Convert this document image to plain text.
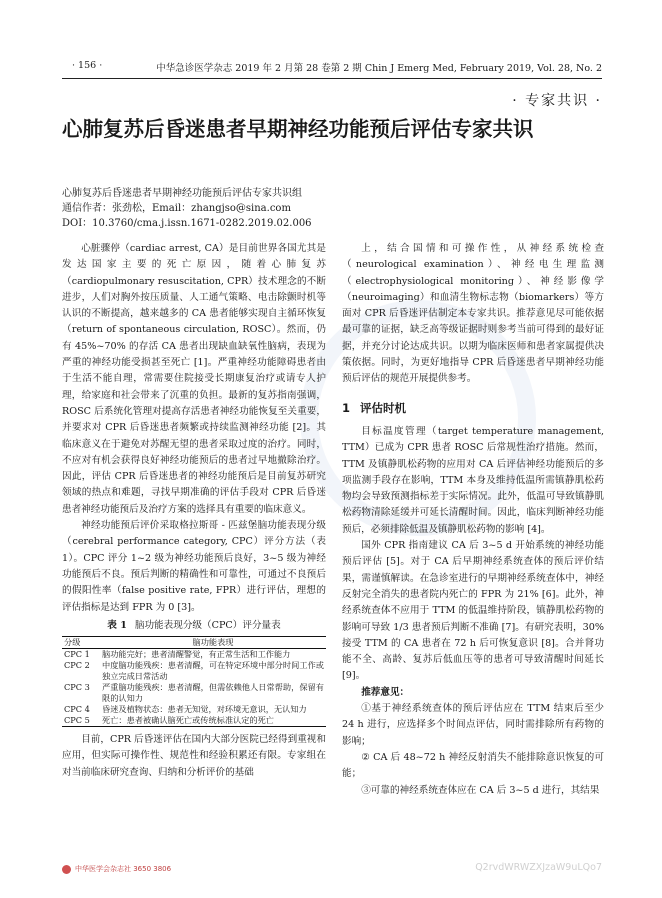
· 156 ·	中华急诊医学杂志 2019 年 2 月第 28 卷第 2 期 Chin J Emerg Med, February 2019, Vol. 28, No. 2
· 专家共识 ·
心肺复苏后昏迷患者早期神经功能预后评估专家共识
心肺复苏后昏迷患者早期神经功能预后评估专家共识组
通信作者：张劲松，Email：zhangjso@sina.com
DOI：10.3760/cma.j.issn.1671-0282.2019.02.006

心脏骤停（cardiac arrest, CA）是目前世界各国尤其是发达国家主要的死亡原因，随着心肺复苏（cardiopulmonary resuscitation, CPR）技术理念的不断进步，人们对胸外按压质量、人工通气策略、电击除颤时机等认识的不断提高，越来越多的 CA 患者能够实现自主循环恢复（return of spontaneous circulation, ROSC）。然而，仍有 45%~70% 的存活 CA 患者出现缺血缺氧性脑病，表现为严重的神经功能受损甚至死亡 [1]。严重神经功能障碍患者由于生活不能自理，常需要住院接受长期康复治疗或请专人护理，给家庭和社会带来了沉重的负担。最新的复苏指南强调，ROSC 后系统化管理对提高存活患者神经功能恢复至关重要，并要求对 CPR 后昏迷患者频繁或持续监测神经功能 [2]。其临床意义在于避免对苏醒无望的患者采取过度的治疗。同时，不应对有机会获得良好神经功能预后的患者过早地撤除治疗。因此，评估 CPR 后昏迷患者的神经功能预后是目前复苏研究领域的热点和难题，寻找早期准确的评估手段对 CPR 后昏迷患者神经功能预后及治疗方案的选择具有重要的临床意义。

神经功能预后评价采取格拉斯哥 - 匹兹堡脑功能表现分级（cerebral performance category, CPC）评分方法（表 1）。CPC 评分 1~2 级为神经功能预后良好，3~5 级为神经功能预后不良。预后判断的精确性和可靠性，可通过不良预后的假阳性率（false positive rate, FPR）进行评估，理想的评估指标是达到 FPR 为 0 [3]。

表 1 脑功能表现分级（CPC）评分量表
分级	脑功能表现
CPC 1	脑功能完好；患者清醒警觉，有正常生活和工作能力
CPC 2	中度脑功能残疾：患者清醒，可在特定环境中部分时间工作或独立完成日常活动
CPC 3	严重脑功能残疾：患者清醒，但需依赖他人日常帮助，保留有限的认知力
CPC 4	昏迷及植物状态：患者无知觉，对环境无意识，无认知力
CPC 5	死亡：患者被确认脑死亡或传统标准认定的死亡

目前，CPR 后昏迷评估在国内大部分医院已经得到重视和应用，但实际可操作性、规范性和经验积累还有限。专家组在对当前临床研究查询、归纳和分析评价的基础

上，结合国情和可操作性，从神经系统检查（neurological examination）、神经电生理监测（electrophysiological monitoring）、神经影像学（neuroimaging）和血清生物标志物（biomarkers）等方面对 CPR 后昏迷评估制定本专家共识。推荐意见尽可能依据最可靠的证据，缺乏高等级证据时则参考当前可得到的最好证据，并充分讨论达成共识。以期为临床医师和患者家属提供决策依据。同时，为更好地指导 CPR 后昏迷患者早期神经功能预后评估的规范开展提供参考。

1 评估时机

目标温度管理（target temperature management, TTM）已成为 CPR 患者 ROSC 后常规性治疗措施。然而，TTM 及镇静肌松药物的应用对 CA 后评估神经功能预后的多项监测手段存在影响，TTM 本身及维持低温所需镇静肌松药物均会导致预测指标差于实际情况。此外，低温可导致镇静肌松药物清除延缓并可延长清醒时间。因此，临床判断神经功能预后，必须排除低温及镇静肌松药物的影响 [4]。

国外 CPR 指南建议 CA 后 3~5 d 开始系统的神经功能预后评估 [5]。对于 CA 后早期神经系统查体的预后评价结果，需谨慎解读。在急诊室进行的早期神经系统查体中，神经反射完全消失的患者院内死亡的 FPR 为 21% [6]。此外，神经系统查体不应用于 TTM 的低温维持阶段，镇静肌松药物的影响可导致 1/3 患者预后判断不准确 [7]。有研究表明，30% 接受 TTM 的 CA 患者在 72 h 后可恢复意识 [8]。合并肾功能不全、高龄、复苏后低血压等的患者可导致清醒时间延长 [9]。

推荐意见：

①基于神经系统查体的预后评估应在 TTM 结束后至少 24 h 进行，应选择多个时间点评估，同时需排除所有药物的影响；

② CA 后 48~72 h 神经反射消失不能排除意识恢复的可能；

③可靠的神经系统查体应在 CA 后 3~5 d 进行，其结果

中华医学会杂志社 3650 3806	Q2rvdWRWZXJzaW9uLQo7
